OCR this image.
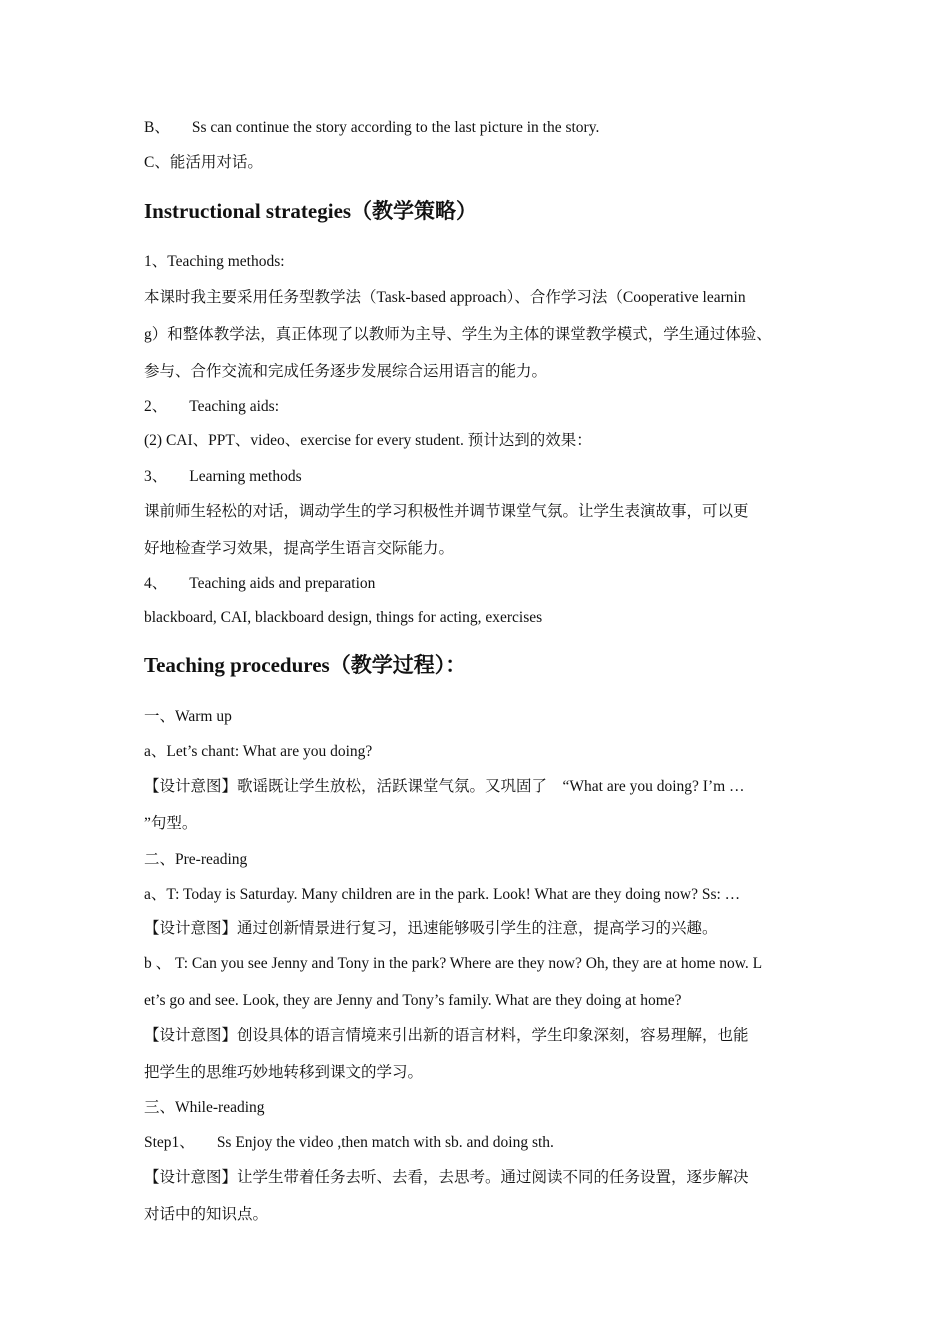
B、 Ss can continue the story according to the last picture in the story.

C、能活用对话。

Instructional strategies（教学策略）

1、Teaching methods:

本课时我主要采用任务型教学法（Task-based approach）、合作学习法（Cooperative learnin

g）和整体教学法，真正体现了以教师为主导、学生为主体的课堂教学模式，学生通过体验、

参与、合作交流和完成任务逐步发展综合运用语言的能力。

2、 Teaching aids:

(2) CAI、PPT、video、exercise for every student. 预计达到的效果：

3、 Learning methods

课前师生轻松的对话，调动学生的学习积极性并调节课堂气氛。让学生表演故事，可以更

好地检查学习效果，提高学生语言交际能力。

4、 Teaching aids and preparation

blackboard, CAI, blackboard design, things for acting, exercises

Teaching procedures（教学过程）：

一、Warm up

a、Let’s chant: What are you doing?

【设计意图】歌谣既让学生放松，活跃课堂气氛。又巩固了　“What are you doing? I’m …

”句型。

二、Pre-reading

a、T: Today is Saturday. Many children are in the park. Look! What are they doing now? Ss: …

【设计意图】通过创新情景进行复习，迅速能够吸引学生的注意，提高学习的兴趣。

b 、 T: Can you see Jenny and Tony in the park? Where are they now? Oh, they are at home now. L

et’s go and see. Look, they are Jenny and Tony’s family. What are they doing at home?

【设计意图】创设具体的语言情境来引出新的语言材料，学生印象深刻，容易理解，也能

把学生的思维巧妙地转移到课文的学习。

三、While-reading

Step1、 Ss Enjoy the video ,then match with sb. and doing sth.

【设计意图】让学生带着任务去听、去看，去思考。通过阅读不同的任务设置，逐步解决

对话中的知识点。
